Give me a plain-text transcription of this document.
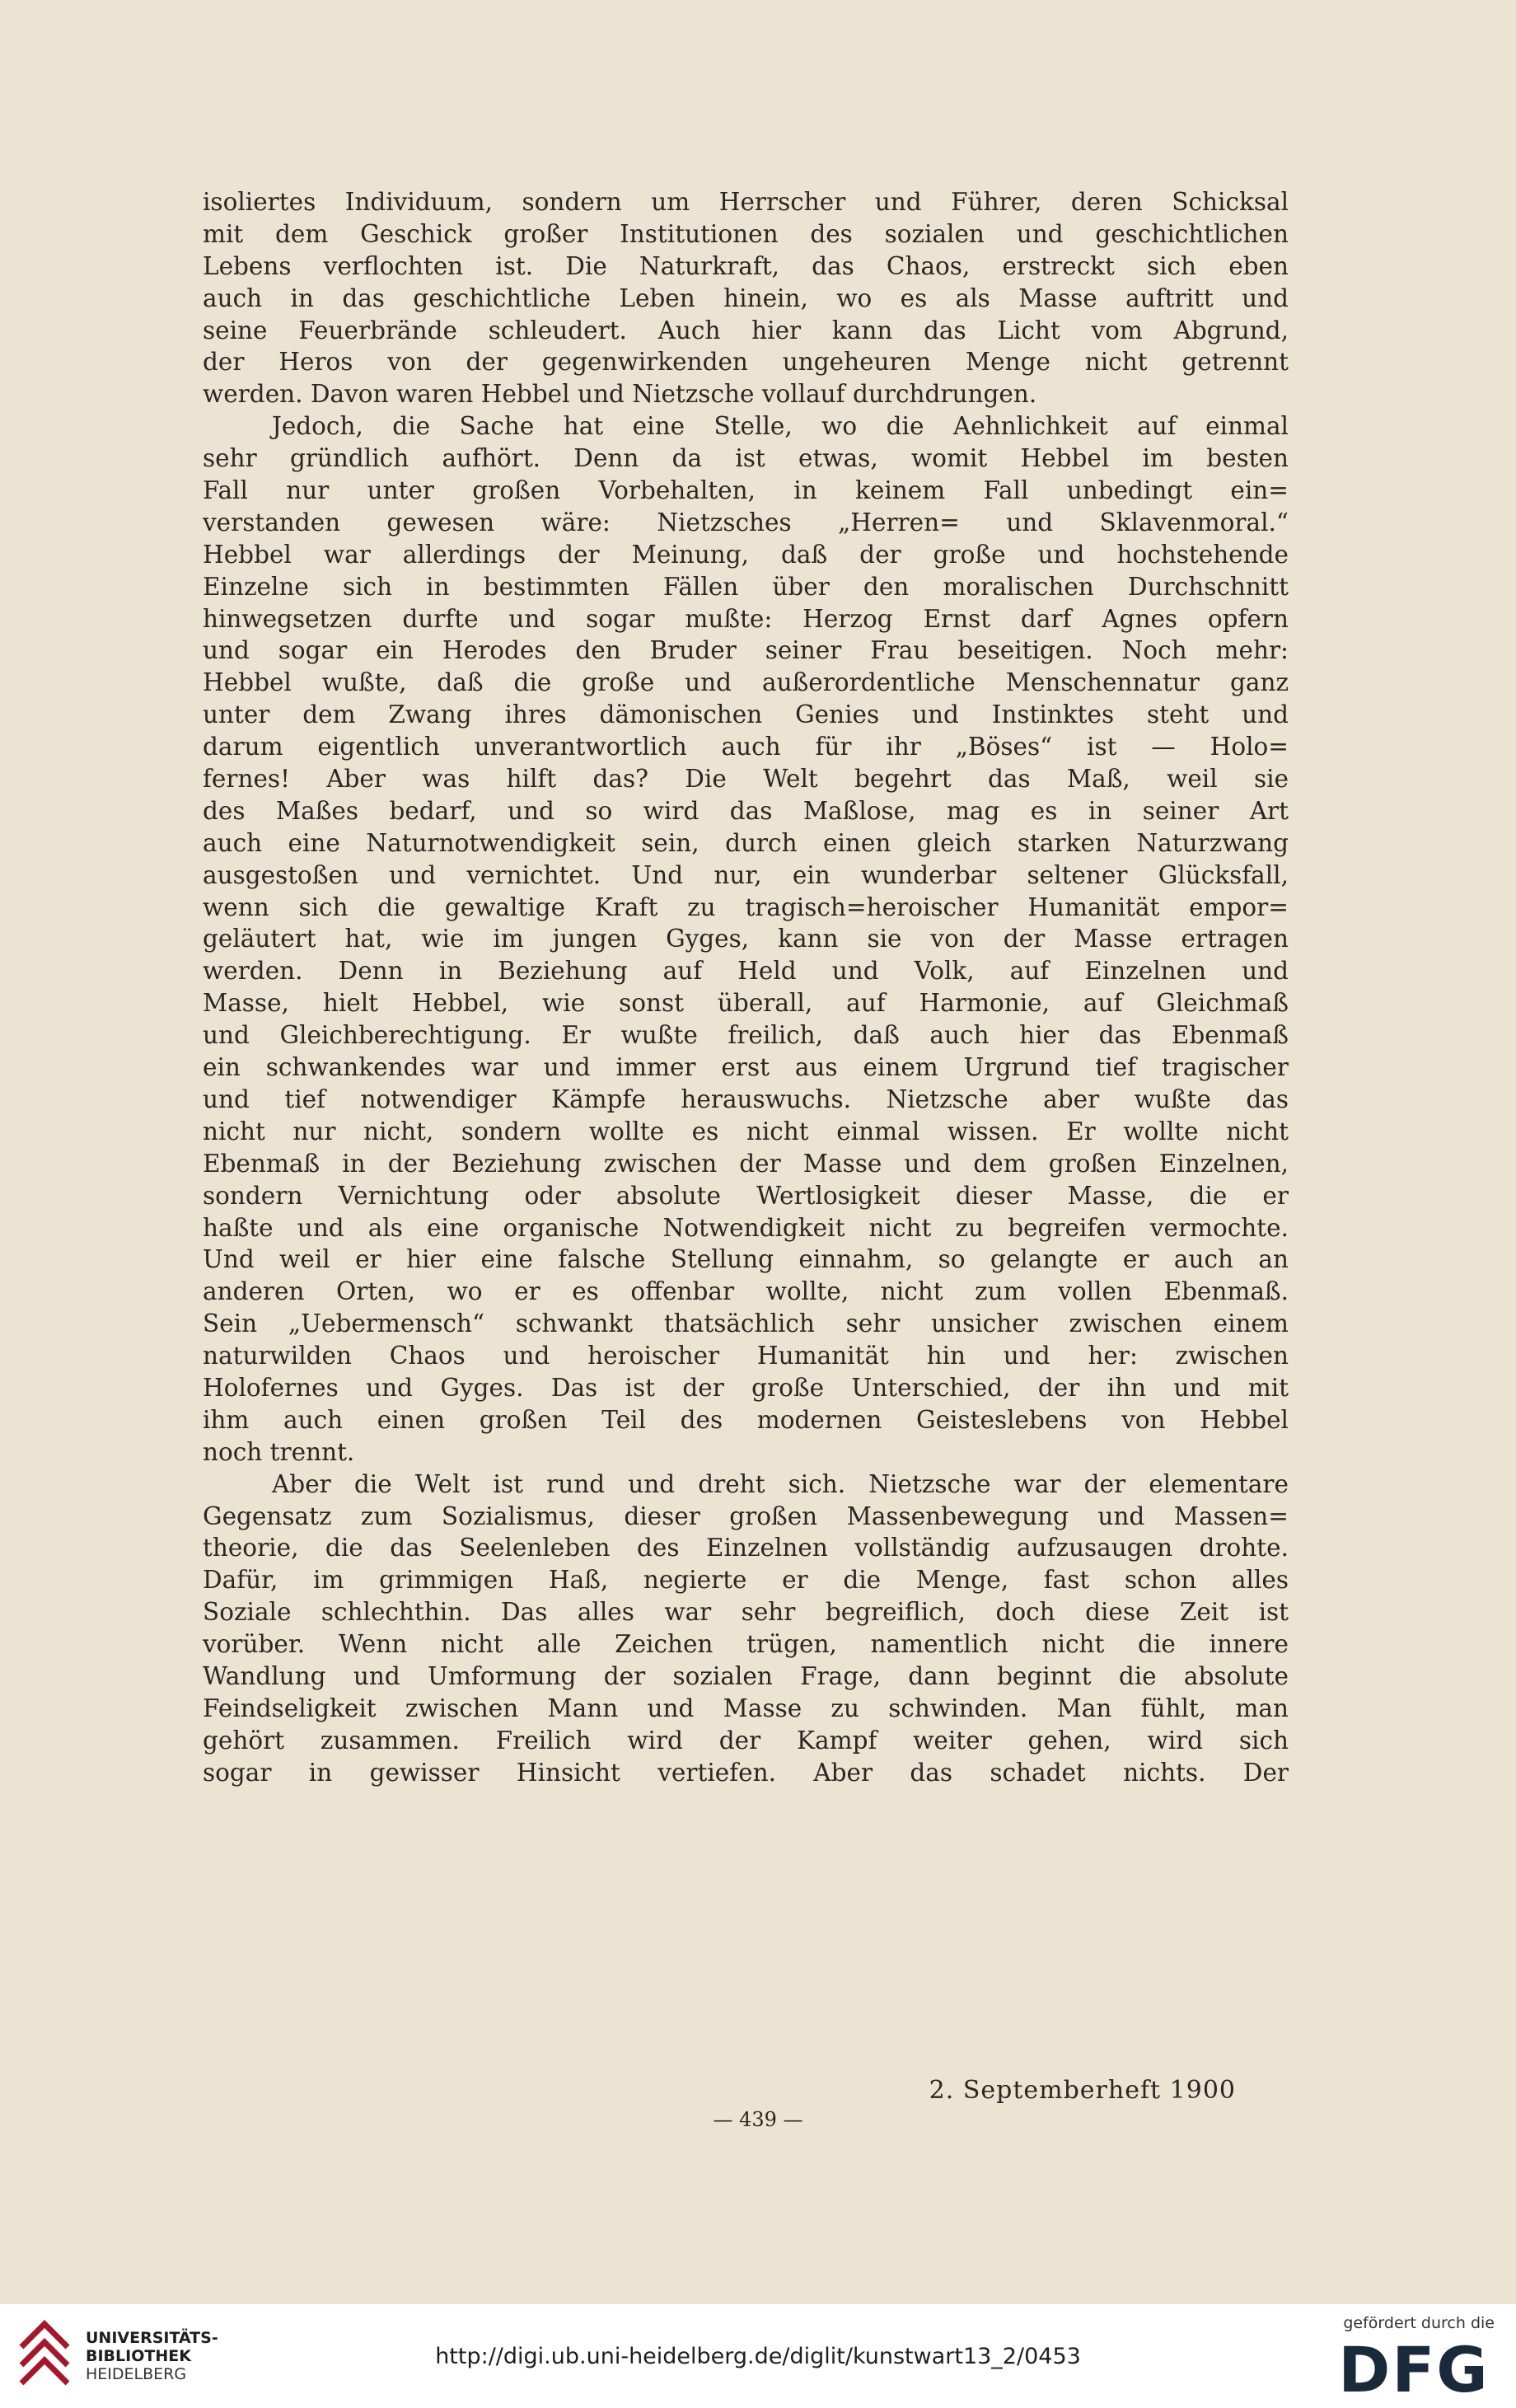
isoliertes Individuum, sondern um Herrscher und Führer, deren Schicksal

mit dem Geschick großer Institutionen des sozialen und geschichtlichen

Lebens verflochten ist. Die Naturkraft, das Chaos, erstreckt sich eben

auch in das geschichtliche Leben hinein, wo es als Masse auftritt und

seine Feuerbrände schleudert. Auch hier kann das Licht vom Abgrund,

der Heros von der gegenwirkenden ungeheuren Menge nicht getrennt

werden. Davon waren Hebbel und Nietzsche vollauf durchdrungen.

Jedoch, die Sache hat eine Stelle, wo die Aehnlichkeit auf einmal

sehr gründlich aufhört. Denn da ist etwas, womit Hebbel im besten

Fall nur unter großen Vorbehalten, in keinem Fall unbedingt ein=

verstanden gewesen wäre: Nietzsches „Herren= und Sklavenmoral.“

Hebbel war allerdings der Meinung, daß der große und hochstehende

Einzelne sich in bestimmten Fällen über den moralischen Durchschnitt

hinwegsetzen durfte und sogar mußte: Herzog Ernst darf Agnes opfern

und sogar ein Herodes den Bruder seiner Frau beseitigen. Noch mehr:

Hebbel wußte, daß die große und außerordentliche Menschennatur ganz

unter dem Zwang ihres dämonischen Genies und Instinktes steht und

darum eigentlich unverantwortlich auch für ihr „Böses“ ist — Holo=

fernes! Aber was hilft das? Die Welt begehrt das Maß, weil sie

des Maßes bedarf, und so wird das Maßlose, mag es in seiner Art

auch eine Naturnotwendigkeit sein, durch einen gleich starken Naturzwang

ausgestoßen und vernichtet. Und nur, ein wunderbar seltener Glücksfall,

wenn sich die gewaltige Kraft zu tragisch=heroischer Humanität empor=

geläutert hat, wie im jungen Gyges, kann sie von der Masse ertragen

werden. Denn in Beziehung auf Held und Volk, auf Einzelnen und

Masse, hielt Hebbel, wie sonst überall, auf Harmonie, auf Gleichmaß

und Gleichberechtigung. Er wußte freilich, daß auch hier das Ebenmaß

ein schwankendes war und immer erst aus einem Urgrund tief tragischer

und tief notwendiger Kämpfe herauswuchs. Nietzsche aber wußte das

nicht nur nicht, sondern wollte es nicht einmal wissen. Er wollte nicht

Ebenmaß in der Beziehung zwischen der Masse und dem großen Einzelnen,

sondern Vernichtung oder absolute Wertlosigkeit dieser Masse, die er

haßte und als eine organische Notwendigkeit nicht zu begreifen vermochte.

Und weil er hier eine falsche Stellung einnahm, so gelangte er auch an

anderen Orten, wo er es offenbar wollte, nicht zum vollen Ebenmaß.

Sein „Uebermensch“ schwankt thatsächlich sehr unsicher zwischen einem

naturwilden Chaos und heroischer Humanität hin und her: zwischen

Holofernes und Gyges. Das ist der große Unterschied, der ihn und mit

ihm auch einen großen Teil des modernen Geisteslebens von Hebbel

noch trennt.

Aber die Welt ist rund und dreht sich. Nietzsche war der elementare

Gegensatz zum Sozialismus, dieser großen Massenbewegung und Massen=

theorie, die das Seelenleben des Einzelnen vollständig aufzusaugen drohte.

Dafür, im grimmigen Haß, negierte er die Menge, fast schon alles

Soziale schlechthin. Das alles war sehr begreiflich, doch diese Zeit ist

vorüber. Wenn nicht alle Zeichen trügen, namentlich nicht die innere

Wandlung und Umformung der sozialen Frage, dann beginnt die absolute

Feindseligkeit zwischen Mann und Masse zu schwinden. Man fühlt, man

gehört zusammen. Freilich wird der Kampf weiter gehen, wird sich

sogar in gewisser Hinsicht vertiefen. Aber das schadet nichts. Der

2. Septemberheft 1900
— 439 —
UNIVERSITÄTS-
BIBLIOTHEK
HEIDELBERG
http://digi.ub.uni-heidelberg.de/diglit/kunstwart13_2/0453
gefördert durch die
DFG
